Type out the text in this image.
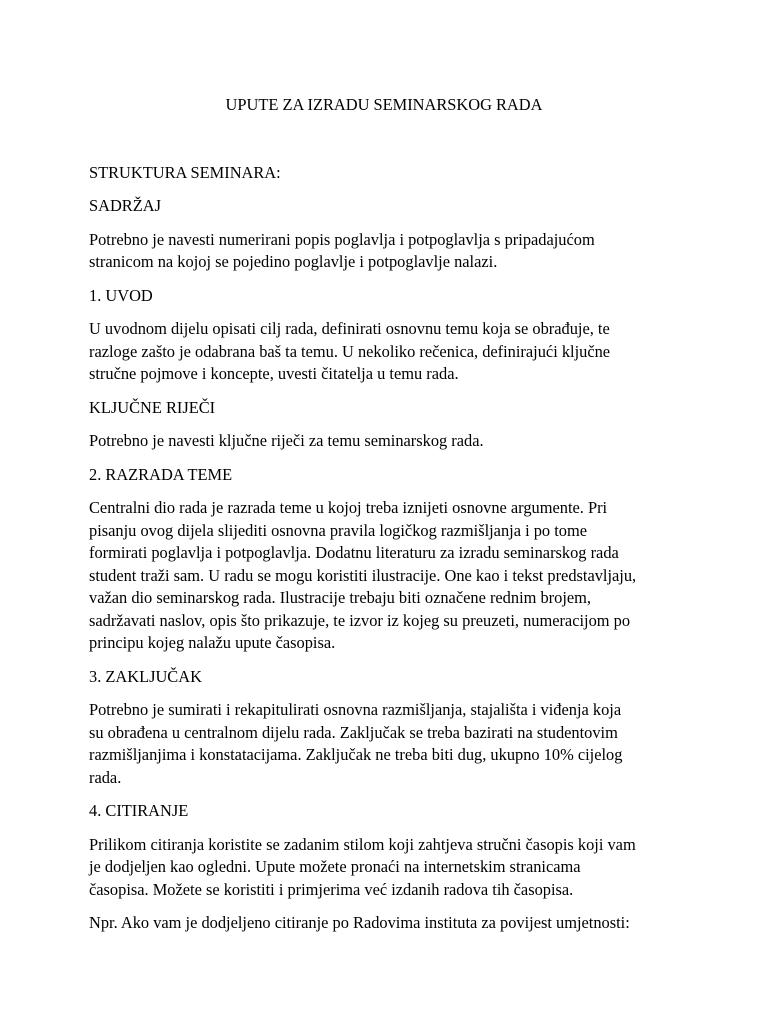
UPUTE ZA IZRADU SEMINARSKOG RADA

STRUKTURA SEMINARA:

SADRŽAJ

Potrebno je navesti numerirani popis poglavlja i potpoglavlja s pripadajućom
stranicom na kojoj se pojedino poglavlje i potpoglavlje nalazi.

1. UVOD

U uvodnom dijelu opisati cilj rada, definirati osnovnu temu koja se obrađuje, te
razloge zašto je odabrana baš ta temu. U nekoliko rečenica, definirajući ključne
stručne pojmove i koncepte, uvesti čitatelja u temu rada.

KLJUČNE RIJEČI

Potrebno je navesti ključne riječi za temu seminarskog rada.

2. RAZRADA TEME

Centralni dio rada je razrada teme u kojoj treba iznijeti osnovne argumente. Pri
pisanju ovog dijela slijediti osnovna pravila logičkog razmišljanja i po tome
formirati poglavlja i potpoglavlja. Dodatnu literaturu za izradu seminarskog rada
student traži sam. U radu se mogu koristiti ilustracije. One kao i tekst predstavljaju,
važan dio seminarskog rada. Ilustracije trebaju biti označene rednim brojem,
sadržavati naslov, opis što prikazuje, te izvor iz kojeg su preuzeti, numeracijom po
principu kojeg nalažu upute časopisa.

3. ZAKLJUČAK

Potrebno je sumirati i rekapitulirati osnovna razmišljanja, stajališta i viđenja koja
su obrađena u centralnom dijelu rada. Zaključak se treba bazirati na studentovim
razmišljanjima i konstatacijama. Zaključak ne treba biti dug, ukupno 10% cijelog
rada.

4. CITIRANJE

Prilikom citiranja koristite se zadanim stilom koji zahtjeva stručni časopis koji vam
je dodjeljen kao ogledni. Upute možete pronaći na internetskim stranicama
časopisa. Možete se koristiti i primjerima već izdanih radova tih časopisa.

Npr. Ako vam je dodjeljeno citiranje po Radovima instituta za povijest umjetnosti:
